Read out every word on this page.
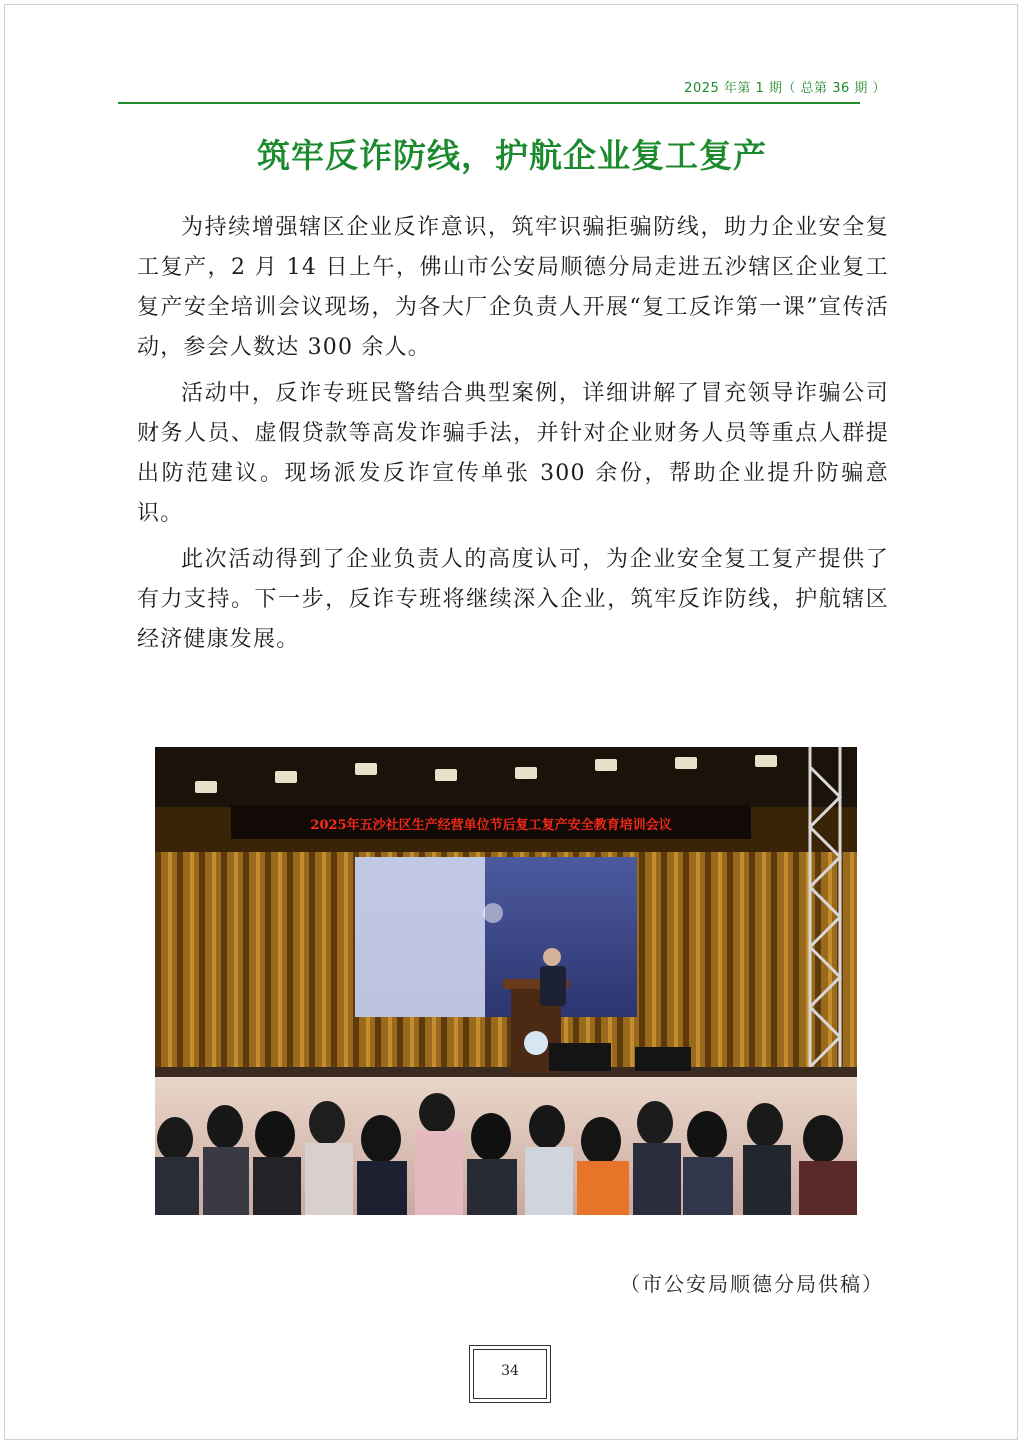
2025 年第 1 期（ 总第 36 期 ）
筑牢反诈防线，护航企业复工复产

为持续增强辖区企业反诈意识，筑牢识骗拒骗防线，助力企业安全复工复产，2 月 14 日上午，佛山市公安局顺德分局走进五沙辖区企业复工复产安全培训会议现场，为各大厂企负责人开展“复工反诈第一课”宣传活动，参会人数达 300 余人。

活动中，反诈专班民警结合典型案例，详细讲解了冒充领导诈骗公司财务人员、虚假贷款等高发诈骗手法，并针对企业财务人员等重点人群提出防范建议。现场派发反诈宣传单张 300 余份，帮助企业提升防骗意识。

此次活动得到了企业负责人的高度认可，为企业安全复工复产提供了有力支持。下一步，反诈专班将继续深入企业，筑牢反诈防线，护航辖区经济健康发展。

2025年五沙社区生产经营单位节后复工复产安全教育培训会议
（市公安局顺德分局供稿）
34
